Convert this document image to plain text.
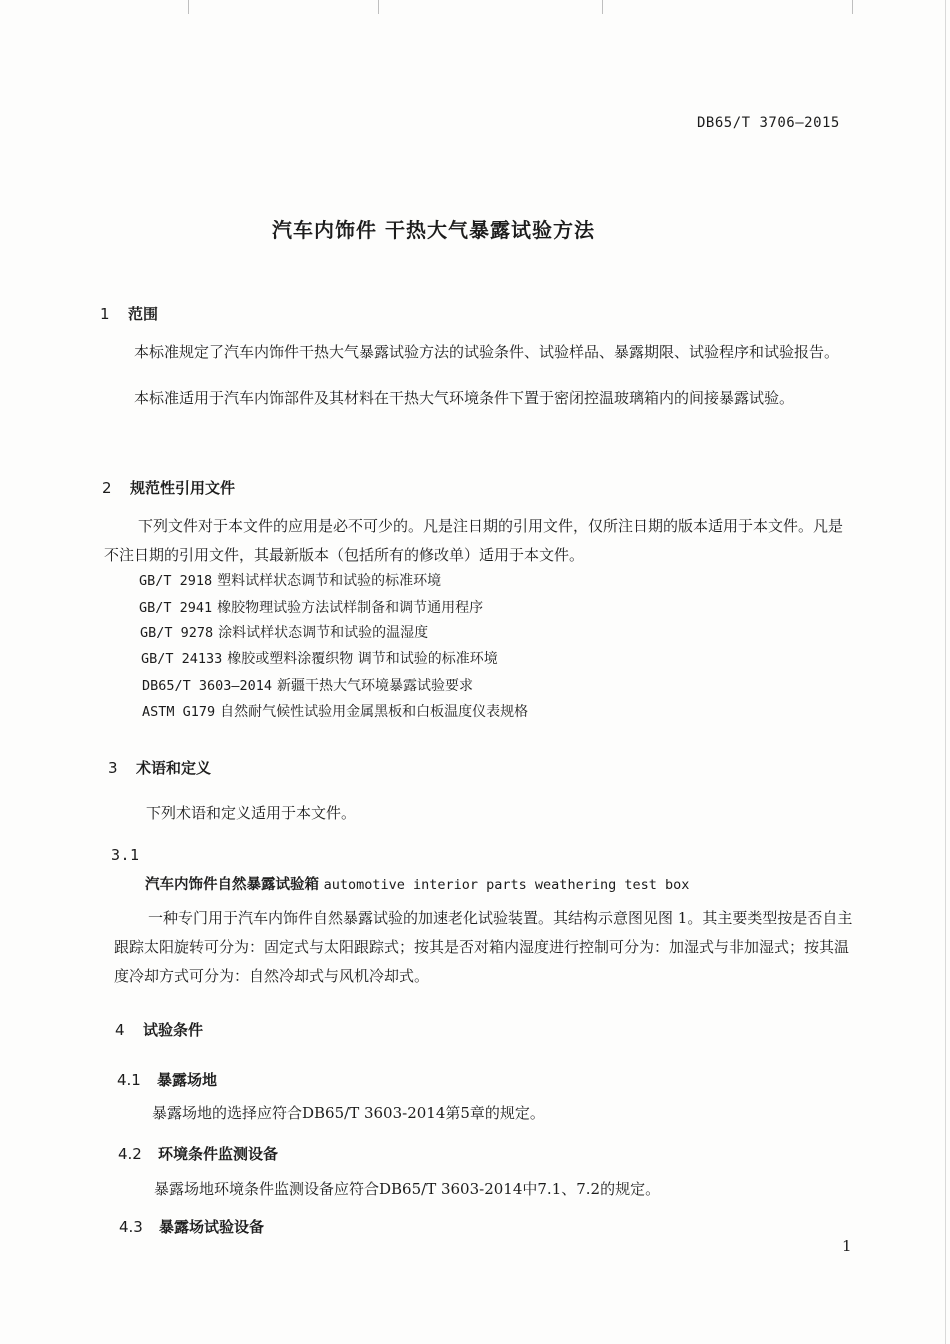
DB65/T 3706—2015
汽车内饰件 干热大气暴露试验方法
1 范围
本标准规定了汽车内饰件干热大气暴露试验方法的试验条件、试验样品、暴露期限、试验程序和试验报告。
本标准适用于汽车内饰部件及其材料在干热大气环境条件下置于密闭控温玻璃箱内的间接暴露试验。
2 规范性引用文件
下列文件对于本文件的应用是必不可少的。凡是注日期的引用文件，仅所注日期的版本适用于本文件。凡是不注日期的引用文件，其最新版本（包括所有的修改单）适用于本文件。
GB/T 2918 塑料试样状态调节和试验的标准环境
GB/T 2941 橡胶物理试验方法试样制备和调节通用程序
GB/T 9278 涂料试样状态调节和试验的温湿度
GB/T 24133 橡胶或塑料涂覆织物 调节和试验的标准环境
DB65/T 3603—2014 新疆干热大气环境暴露试验要求
ASTM G179 自然耐气候性试验用金属黑板和白板温度仪表规格
3 术语和定义
下列术语和定义适用于本文件。
3.1
汽车内饰件自然暴露试验箱 automotive interior parts weathering test box
一种专门用于汽车内饰件自然暴露试验的加速老化试验装置。其结构示意图见图 1。其主要类型按是否自主跟踪太阳旋转可分为：固定式与太阳跟踪式；按其是否对箱内湿度进行控制可分为：加湿式与非加湿式；按其温度冷却方式可分为：自然冷却式与风机冷却式。
4 试验条件
4.1 暴露场地
暴露场地的选择应符合DB65/T 3603-2014第5章的规定。
4.2 环境条件监测设备
暴露场地环境条件监测设备应符合DB65/T 3603-2014中7.1、7.2的规定。
4.3 暴露场试验设备
1
